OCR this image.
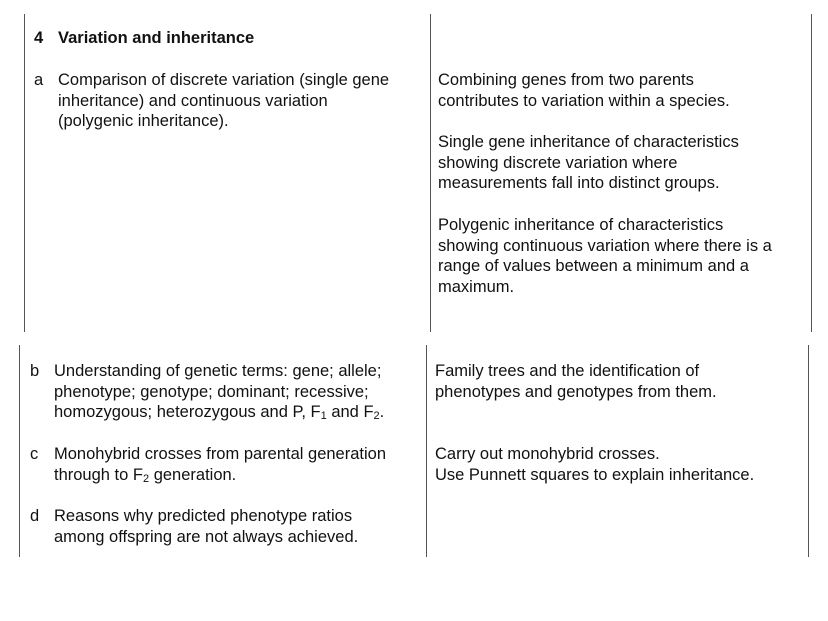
4 Variation and inheritance
a Comparison of discrete variation (single gene
inheritance) and continuous variation
(polygenic inheritance).
Combining genes from two parents
contributes to variation within a species.
Single gene inheritance of characteristics
showing discrete variation where
measurements fall into distinct groups.
Polygenic inheritance of characteristics
showing continuous variation where there is a
range of values between a minimum and a
maximum.
b Understanding of genetic terms: gene; allele;
phenotype; genotype; dominant; recessive;
homozygous; heterozygous and P, $F_1$ and $F_2$.
Family trees and the identification of
phenotypes and genotypes from them.
c Monohybrid crosses from parental generation
through to $F_2$ generation.
Carry out monohybrid crosses.
Use Punnett squares to explain inheritance.
d Reasons why predicted phenotype ratios
among offspring are not always achieved.
